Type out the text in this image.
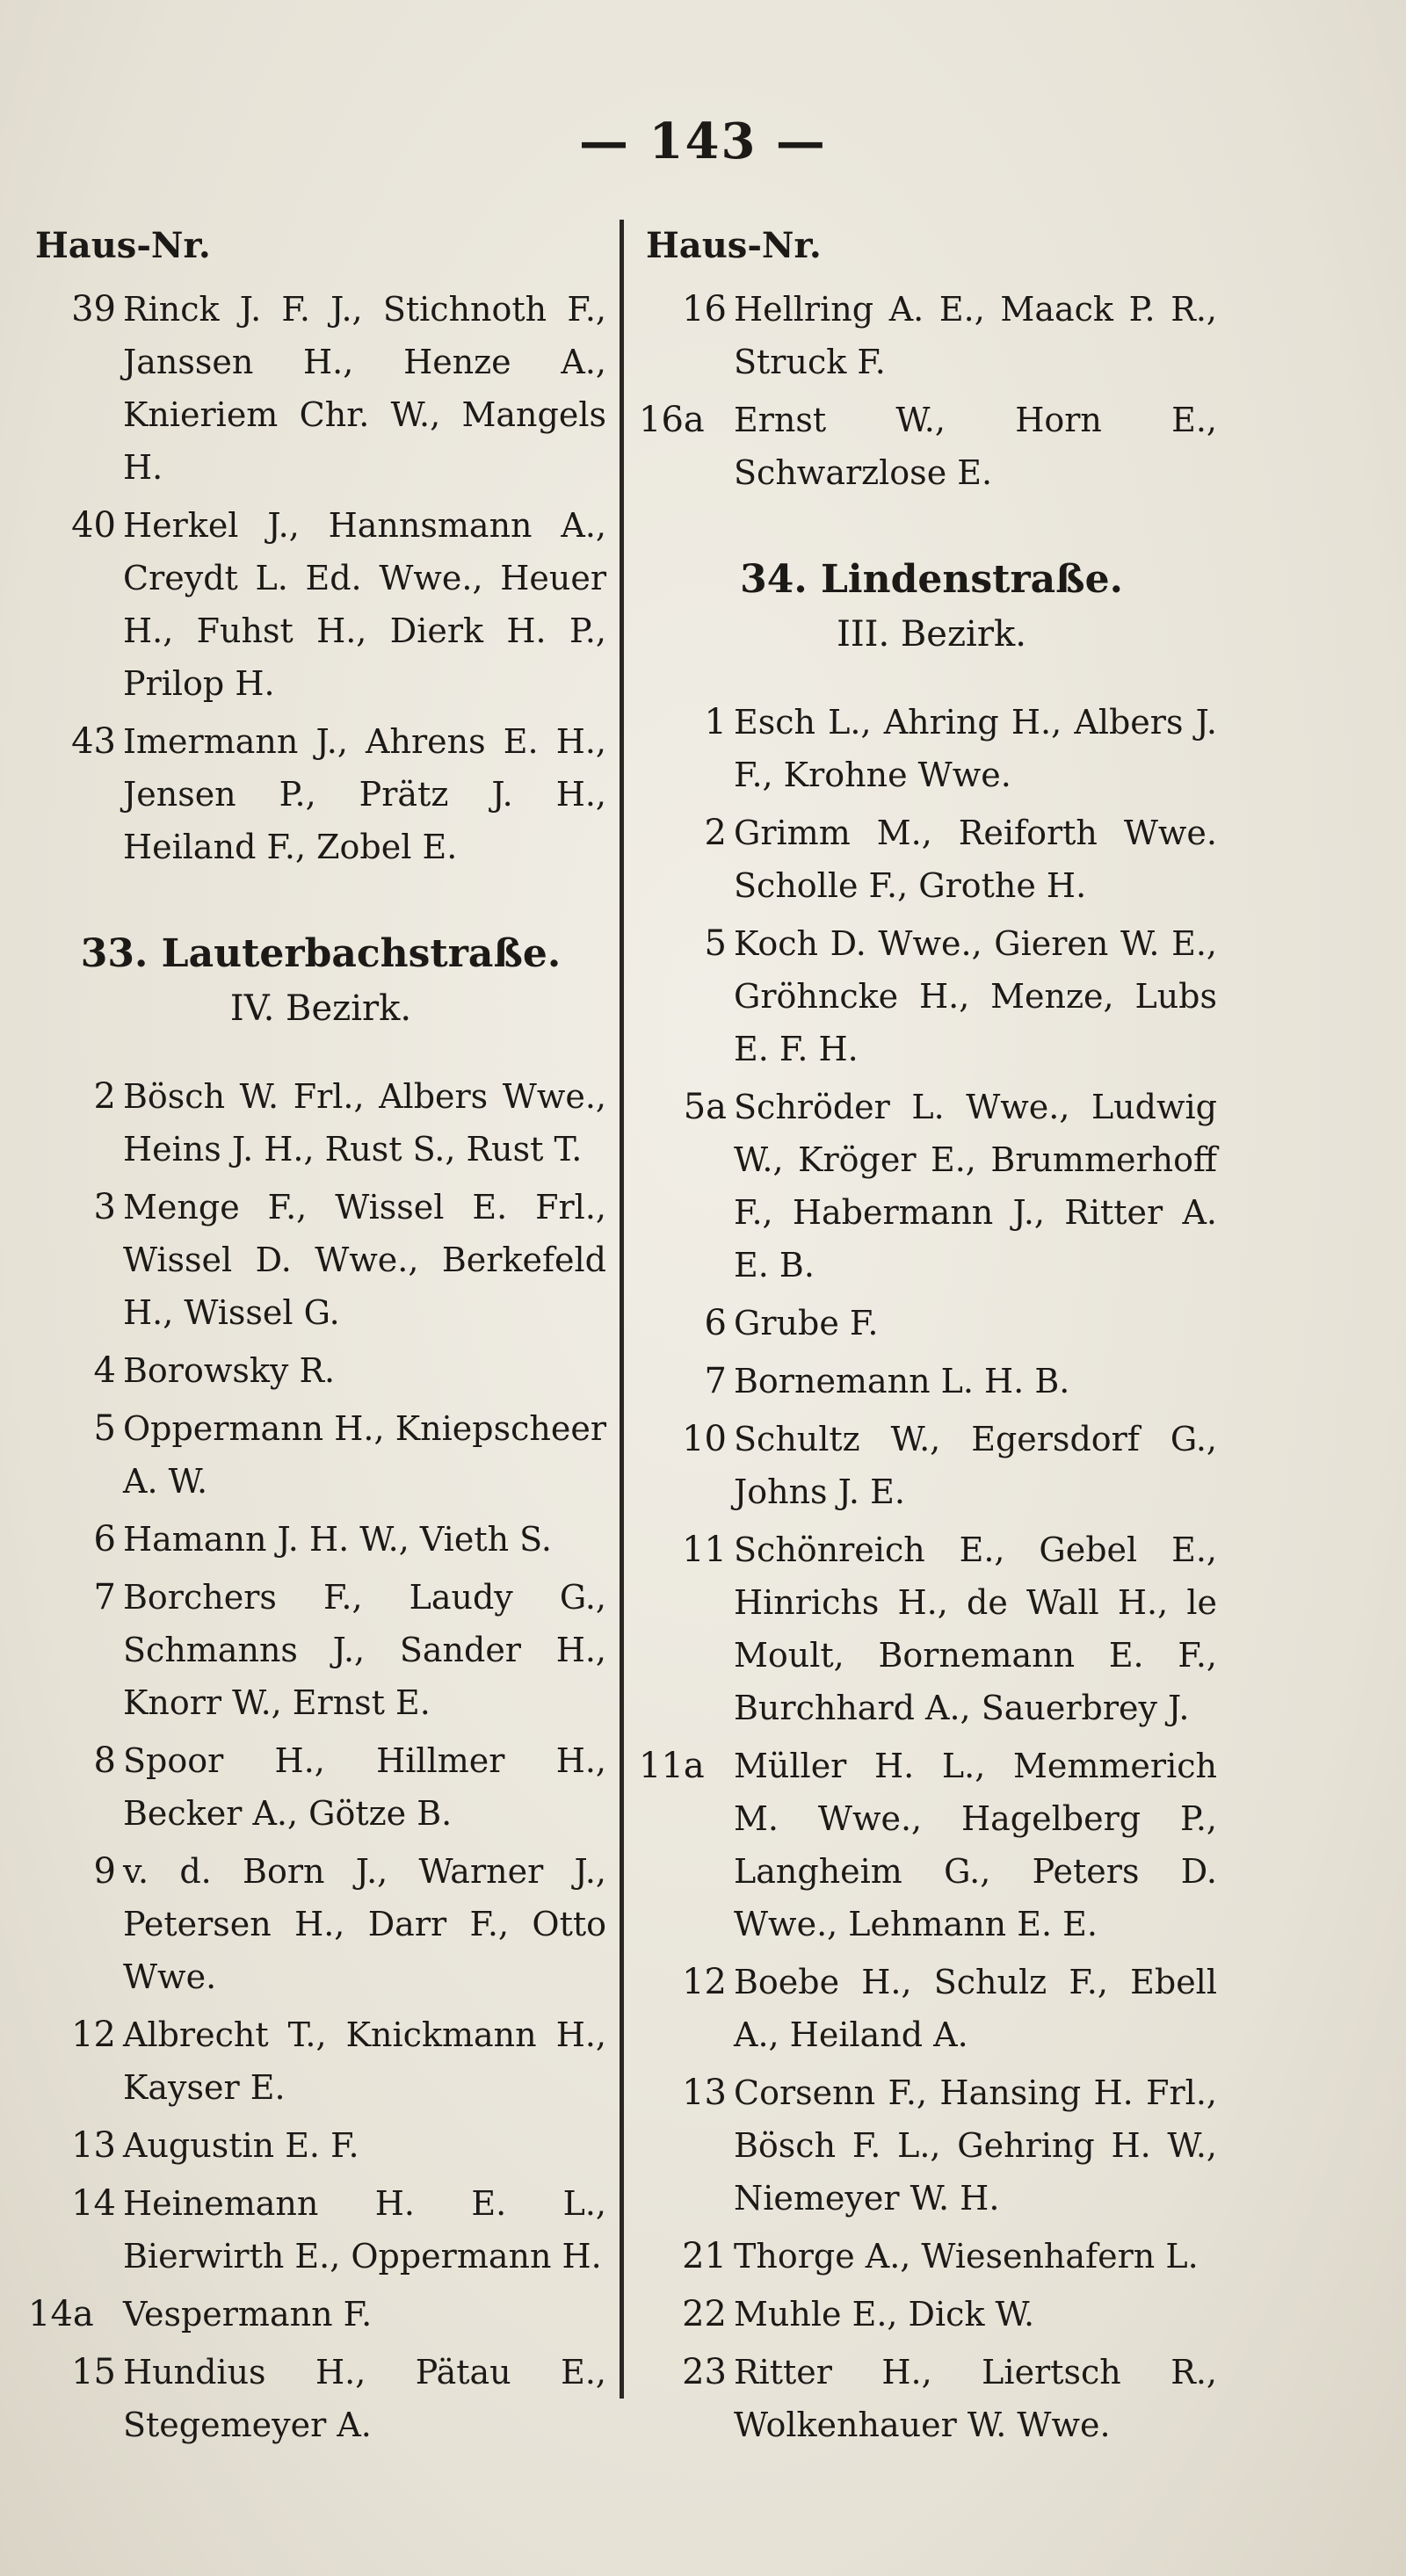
— 143 —
Haus-Nr.
39 Rinck J. F. J., Stichnoth F., Janssen H., Henze A., Knieriem Chr. W., Mangels H.
40 Herkel J., Hannsmann A., Creydt L. Ed. Wwe., Heuer H., Fuhst H., Dierk H. P., Prilop H.
43 Imermann J., Ahrens E. H., Jensen P., Prätz J. H., Heiland F., Zobel E.
33. Lauterbachstraße.
IV. Bezirk.
2 Bösch W. Frl., Albers Wwe., Heins J. H., Rust S., Rust T.
3 Menge F., Wissel E. Frl., Wissel D. Wwe., Berkefeld H., Wissel G.
4 Borowsky R.
5 Oppermann H., Kniepscheer A. W.
6 Hamann J. H. W., Vieth S.
7 Borchers F., Laudy G., Schmanns J., Sander H., Knorr W., Ernst E.
8 Spoor H., Hillmer H., Becker A., Götze B.
9 v. d. Born J., Warner J., Petersen H., Darr F., Otto Wwe.
12 Albrecht T., Knickmann H., Kayser E.
13 Augustin E. F.
14 Heinemann H. E. L., Bierwirth E., Oppermann H.
14a Vespermann F.
15 Hundius H., Pätau E., Stegemeyer A.
Haus-Nr.
16 Hellring A. E., Maack P. R., Struck F.
16a Ernst W., Horn E., Schwarzlose E.
34. Lindenstraße.
III. Bezirk.
1 Esch L., Ahring H., Albers J. F., Krohne Wwe.
2 Grimm M., Reiforth Wwe. Scholle F., Grothe H.
5 Koch D. Wwe., Gieren W. E., Gröhncke H., Menze, Lubs E. F. H.
5a Schröder L. Wwe., Ludwig W., Kröger E., Brummerhoff F., Habermann J., Ritter A. E. B.
6 Grube F.
7 Bornemann L. H. B.
10 Schultz W., Egersdorf G., Johns J. E.
11 Schönreich E., Gebel E., Hinrichs H., de Wall H., le Moult, Bornemann E. F., Burchhard A., Sauerbrey J.
11a Müller H. L., Memmerich M. Wwe., Hagelberg P., Langheim G., Peters D. Wwe., Lehmann E. E.
12 Boebe H., Schulz F., Ebell A., Heiland A.
13 Corsenn F., Hansing H. Frl., Bösch F. L., Gehring H. W., Niemeyer W. H.
21 Thorge A., Wiesenhafern L.
22 Muhle E., Dick W.
23 Ritter H., Liertsch R., Wolkenhauer W. Wwe.
